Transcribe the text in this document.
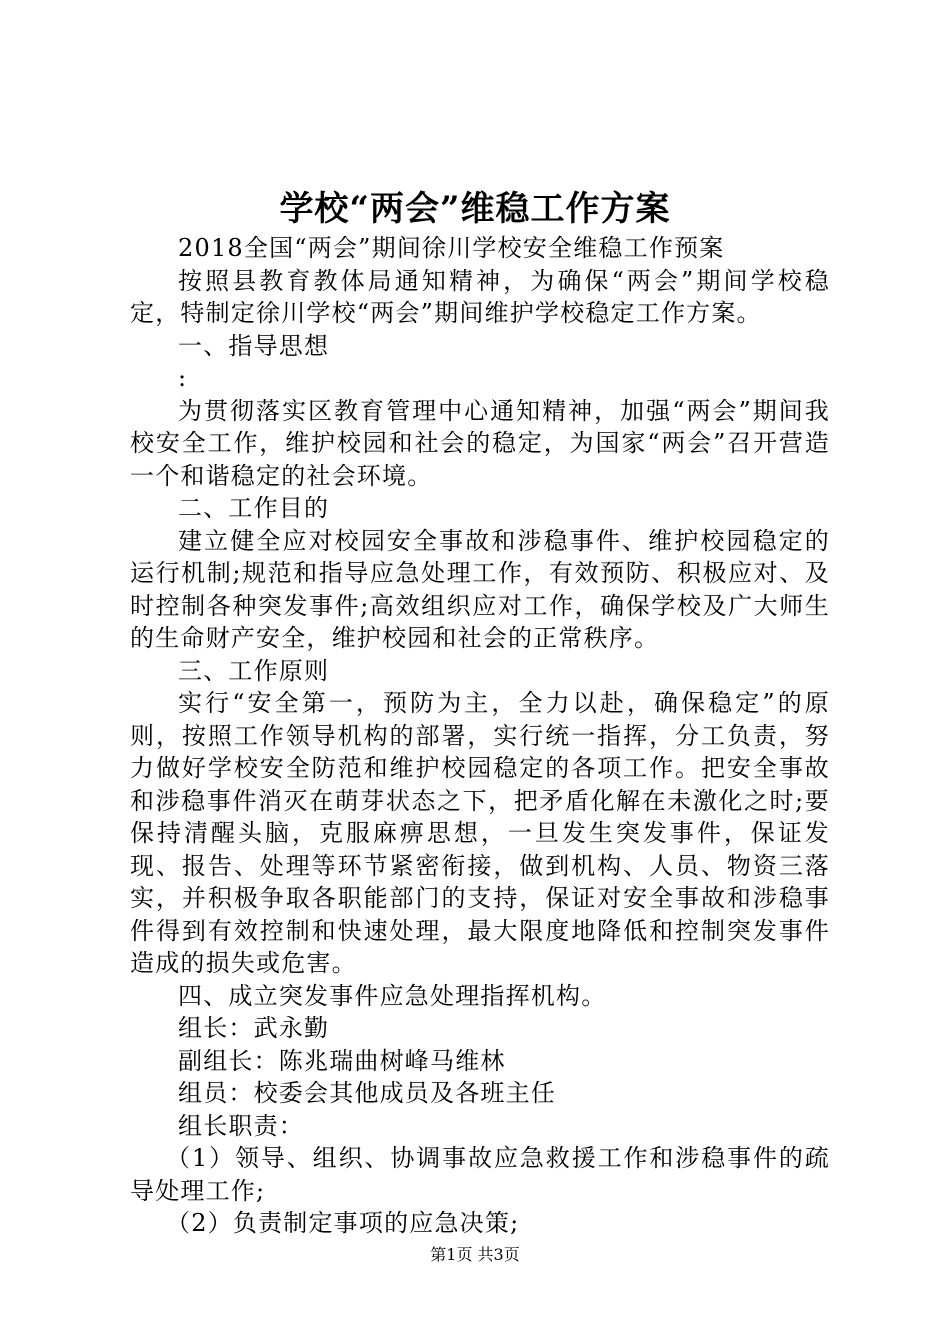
学校“两会”维稳工作方案

2018全国“两会”期间徐川学校安全维稳工作预案

按照县教育教体局通知精神，为确保“两会”期间学校稳定，特制定徐川学校“两会”期间维护学校稳定工作方案。

一、指导思想

:

为贯彻落实区教育管理中心通知精神，加强“两会”期间我校安全工作，维护校园和社会的稳定，为国家“两会”召开营造一个和谐稳定的社会环境。

二、工作目的

建立健全应对校园安全事故和涉稳事件、维护校园稳定的运行机制;规范和指导应急处理工作，有效预防、积极应对、及时控制各种突发事件;高效组织应对工作，确保学校及广大师生的生命财产安全，维护校园和社会的正常秩序。

三、工作原则

实行“安全第一，预防为主，全力以赴，确保稳定”的原则，按照工作领导机构的部署，实行统一指挥，分工负责，努力做好学校安全防范和维护校园稳定的各项工作。把安全事故和涉稳事件消灭在萌芽状态之下，把矛盾化解在未激化之时;要保持清醒头脑，克服麻痹思想，一旦发生突发事件，保证发现、报告、处理等环节紧密衔接，做到机构、人员、物资三落实，并积极争取各职能部门的支持，保证对安全事故和涉稳事件得到有效控制和快速处理，最大限度地降低和控制突发事件造成的损失或危害。

四、成立突发事件应急处理指挥机构。

组长：武永勤

副组长：陈兆瑞曲树峰马维林

组员：校委会其他成员及各班主任

组长职责：

（1）领导、组织、协调事故应急救援工作和涉稳事件的疏导处理工作;

（2）负责制定事项的应急决策;

第1页 共3页
